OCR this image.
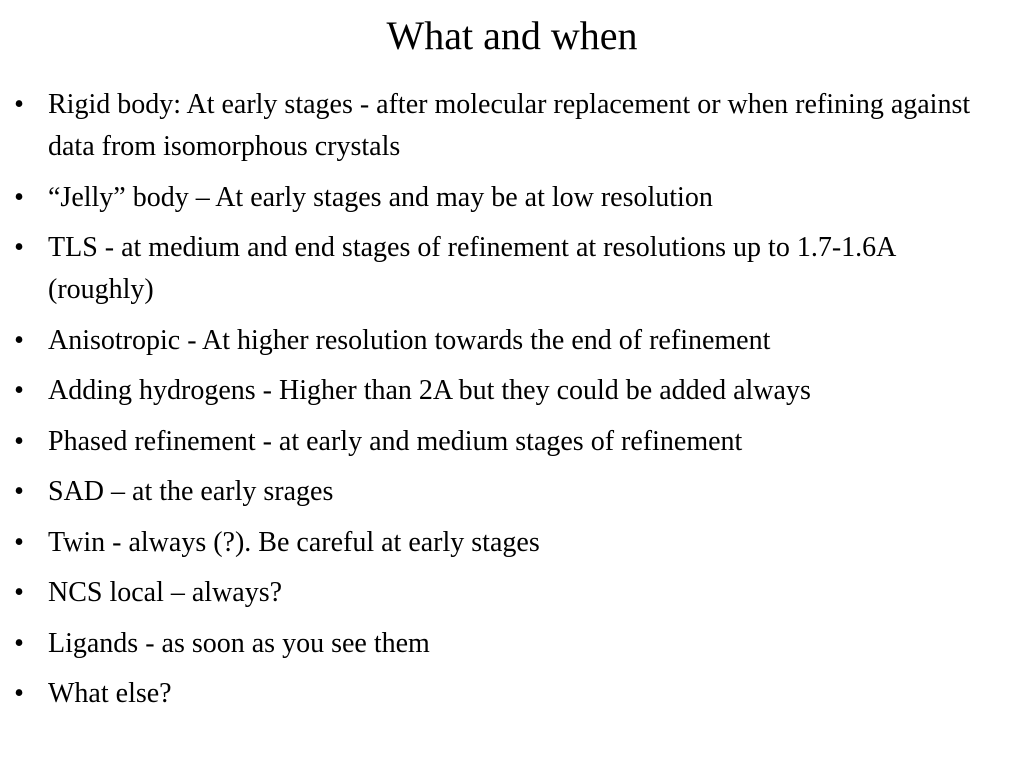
What and when
• Rigid body: At early stages - after molecular replacement or when refining against data from isomorphous crystals
• “Jelly” body – At early stages and may be at low resolution
• TLS - at medium and end stages of refinement at resolutions up to 1.7-1.6A (roughly)
• Anisotropic - At higher resolution towards the end of refinement
• Adding hydrogens - Higher than 2A but they could be added always
• Phased refinement - at early and medium stages of refinement
• SAD – at the early srages
• Twin - always (?). Be careful at early stages
• NCS local – always?
• Ligands - as soon as you see them
• What else?
